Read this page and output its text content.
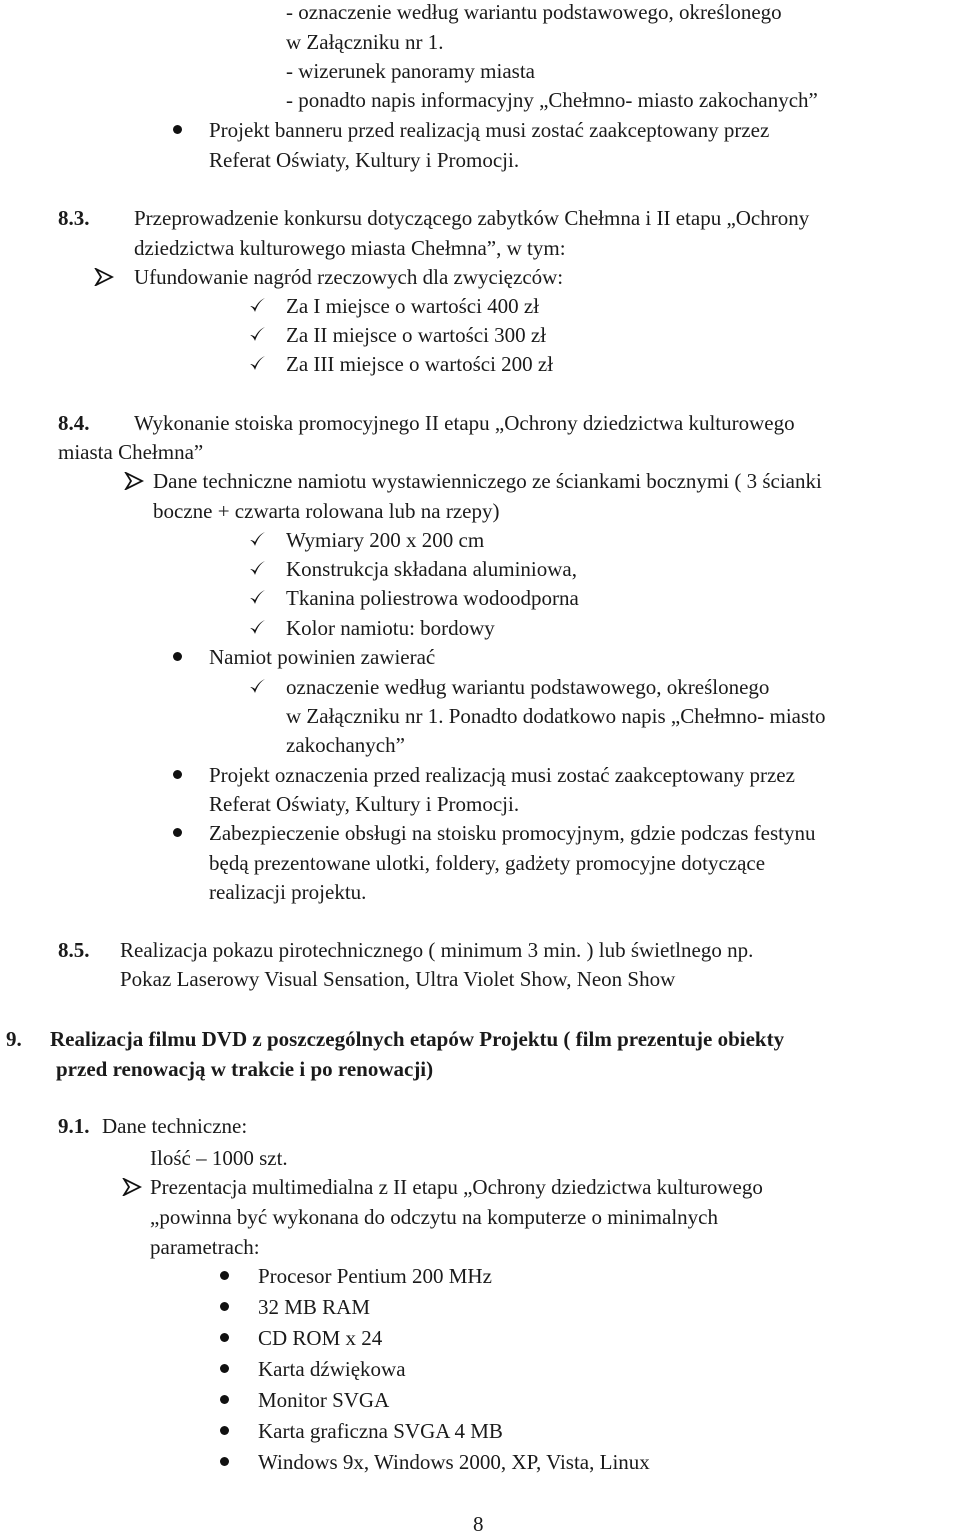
- oznaczenie według wariantu podstawowego, określonego
w Załączniku nr 1.
- wizerunek panoramy miasta
- ponadto napis informacyjny „Chełmno- miasto zakochanych”
Projekt banneru przed realizacją musi zostać zaakceptowany przez
Referat Oświaty, Kultury i Promocji.
8.3. Przeprowadzenie konkursu dotyczącego zabytków Chełmna i II etapu „Ochrony
dziedzictwa kulturowego miasta Chełmna”, w tym:
Ufundowanie nagród rzeczowych dla zwycięzców:
Za I miejsce o wartości 400 zł
Za II miejsce o wartości 300 zł
Za III miejsce o wartości 200 zł
8.4. Wykonanie stoiska promocyjnego II etapu „Ochrony dziedzictwa kulturowego
miasta Chełmna”
Dane techniczne namiotu wystawienniczego ze ściankami bocznymi ( 3 ścianki
boczne + czwarta rolowana lub na rzepy)
Wymiary 200 x 200 cm
Konstrukcja składana aluminiowa,
Tkanina poliestrowa wodoodporna
Kolor namiotu: bordowy
Namiot powinien zawierać
oznaczenie według wariantu podstawowego, określonego
w Załączniku nr 1. Ponadto dodatkowo napis „Chełmno- miasto
zakochanych”
Projekt oznaczenia przed realizacją musi zostać zaakceptowany przez
Referat Oświaty, Kultury i Promocji.
Zabezpieczenie obsługi na stoisku promocyjnym, gdzie podczas festynu
będą prezentowane ulotki, foldery, gadżety promocyjne dotyczące
realizacji projektu.
8.5. Realizacja pokazu pirotechnicznego ( minimum 3 min. ) lub świetlnego np.
Pokaz Laserowy Visual Sensation, Ultra Violet Show, Neon Show
9. Realizacja filmu DVD z poszczególnych etapów Projektu ( film prezentuje obiekty
przed renowacją w trakcie i po renowacji)
9.1. Dane techniczne:
Ilość – 1000 szt.
Prezentacja multimedialna z II etapu „Ochrony dziedzictwa kulturowego
„powinna być wykonana do odczytu na komputerze o minimalnych
parametrach:
Procesor Pentium 200 MHz
32 MB RAM
CD ROM x 24
Karta dźwiękowa
Monitor SVGA
Karta graficzna SVGA 4 MB
Windows 9x, Windows 2000, XP, Vista, Linux
8
